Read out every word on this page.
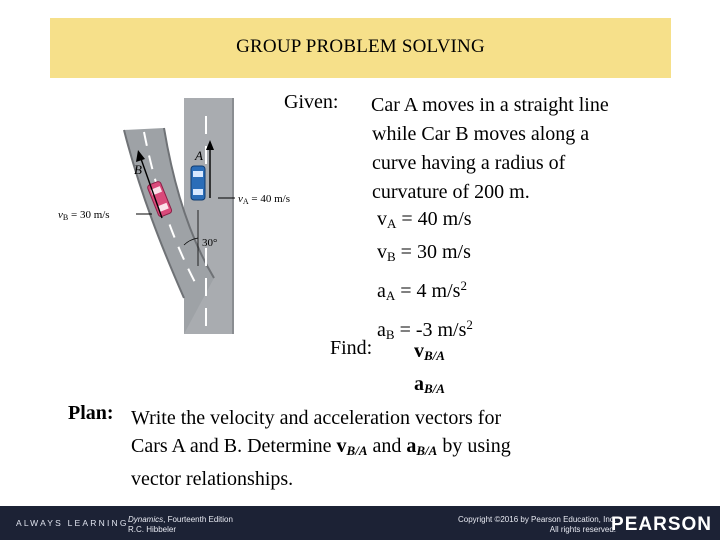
GROUP PROBLEM SOLVING
A
B
vA = 40 m/s
vB = 30 m/s
30°
Given: Car A moves in a straight line
while Car B moves along a
curve having a radius of
curvature of 200 m.
$v_A = 40$ m/s
$v_B = 30$ m/s
$a_A = 4$ $m/s^2$
$a_B = -3$ $m/s^2$
Find: $v_{B/A}$
$a_{B/A}$
Plan: Write the velocity and acceleration vectors for
Cars A and B. Determine $v_{B/A}$ and $a_{B/A}$ by using
vector relationships.
ALWAYS LEARNING Dynamics, Fourteenth Edition
R.C. Hibbeler
Copyright ©2016 by Pearson Education, Inc.
All rights reserved.
PEARSON
